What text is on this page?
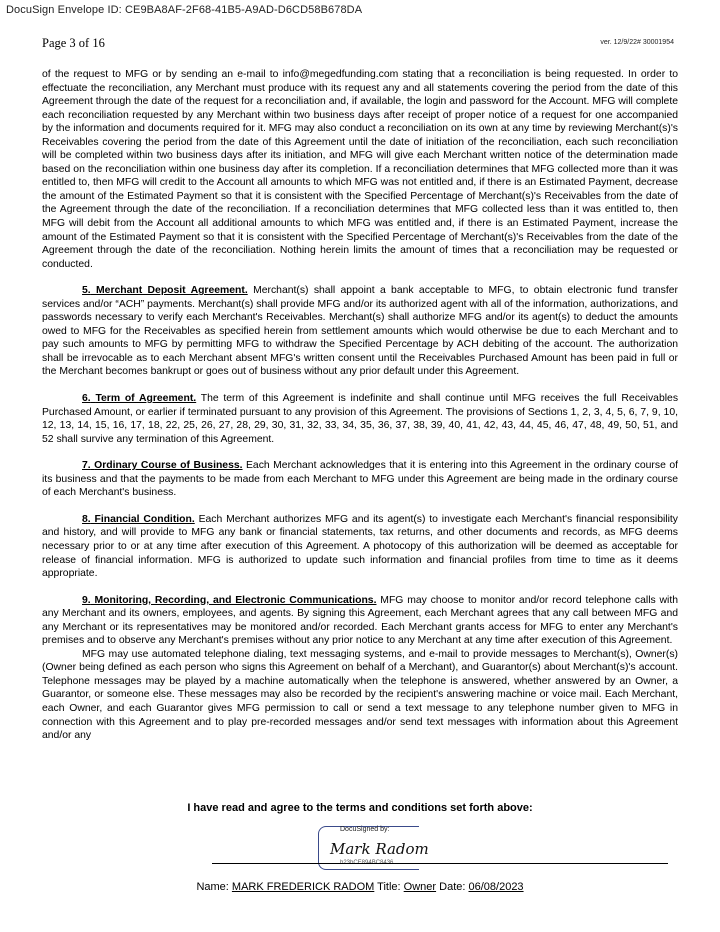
DocuSign Envelope ID: CE9BA8AF-2F68-41B5-A9AD-D6CD58B678DA
Page 3 of 16	ver. 12/9/22# 30001954

of the request to MFG or by sending an e-mail to info@megedfunding.com stating that a reconciliation is being requested. In order to effectuate the reconciliation, any Merchant must produce with its request any and all statements covering the period from the date of this Agreement through the date of the request for a reconciliation and, if available, the login and password for the Account. MFG will complete each reconciliation requested by any Merchant within two business days after receipt of proper notice of a request for one accompanied by the information and documents required for it. MFG may also conduct a reconciliation on its own at any time by reviewing Merchant(s)'s Receivables covering the period from the date of this Agreement until the date of initiation of the reconciliation, each such reconciliation will be completed within two business days after its initiation, and MFG will give each Merchant written notice of the determination made based on the reconciliation within one business day after its completion. If a reconciliation determines that MFG collected more than it was entitled to, then MFG will credit to the Account all amounts to which MFG was not entitled and, if there is an Estimated Payment, decrease the amount of the Estimated Payment so that it is consistent with the Specified Percentage of Merchant(s)'s Receivables from the date of the Agreement through the date of the reconciliation. If a reconciliation determines that MFG collected less than it was entitled to, then MFG will debit from the Account all additional amounts to which MFG was entitled and, if there is an Estimated Payment, increase the amount of the Estimated Payment so that it is consistent with the Specified Percentage of Merchant(s)'s Receivables from the date of the Agreement through the date of the reconciliation. Nothing herein limits the amount of times that a reconciliation may be requested or conducted.

5. Merchant Deposit Agreement. Merchant(s) shall appoint a bank acceptable to MFG, to obtain electronic fund transfer services and/or “ACH” payments. Merchant(s) shall provide MFG and/or its authorized agent with all of the information, authorizations, and passwords necessary to verify each Merchant's Receivables. Merchant(s) shall authorize MFG and/or its agent(s) to deduct the amounts owed to MFG for the Receivables as specified herein from settlement amounts which would otherwise be due to each Merchant and to pay such amounts to MFG by permitting MFG to withdraw the Specified Percentage by ACH debiting of the account. The authorization shall be irrevocable as to each Merchant absent MFG's written consent until the Receivables Purchased Amount has been paid in full or the Merchant becomes bankrupt or goes out of business without any prior default under this Agreement.

6. Term of Agreement. The term of this Agreement is indefinite and shall continue until MFG receives the full Receivables Purchased Amount, or earlier if terminated pursuant to any provision of this Agreement. The provisions of Sections 1, 2, 3, 4, 5, 6, 7, 9, 10, 12, 13, 14, 15, 16, 17, 18, 22, 25, 26, 27, 28, 29, 30, 31, 32, 33, 34, 35, 36, 37, 38, 39, 40, 41, 42, 43, 44, 45, 46, 47, 48, 49, 50, 51, and 52 shall survive any termination of this Agreement.

7. Ordinary Course of Business. Each Merchant acknowledges that it is entering into this Agreement in the ordinary course of its business and that the payments to be made from each Merchant to MFG under this Agreement are being made in the ordinary course of each Merchant's business.

8. Financial Condition. Each Merchant authorizes MFG and its agent(s) to investigate each Merchant's financial responsibility and history, and will provide to MFG any bank or financial statements, tax returns, and other documents and records, as MFG deems necessary prior to or at any time after execution of this Agreement. A photocopy of this authorization will be deemed as acceptable for release of financial information. MFG is authorized to update such information and financial profiles from time to time as it deems appropriate.

9. Monitoring, Recording, and Electronic Communications. MFG may choose to monitor and/or record telephone calls with any Merchant and its owners, employees, and agents. By signing this Agreement, each Merchant agrees that any call between MFG and any Merchant or its representatives may be monitored and/or recorded. Each Merchant grants access for MFG to enter any Merchant's premises and to observe any Merchant's premises without any prior notice to any Merchant at any time after execution of this Agreement.

MFG may use automated telephone dialing, text messaging systems, and e-mail to provide messages to Merchant(s), Owner(s) (Owner being defined as each person who signs this Agreement on behalf of a Merchant), and Guarantor(s) about Merchant(s)'s account. Telephone messages may be played by a machine automatically when the telephone is answered, whether answered by an Owner, a Guarantor, or someone else. These messages may also be recorded by the recipient's answering machine or voice mail. Each Merchant, each Owner, and each Guarantor gives MFG permission to call or send a text message to any telephone number given to MFG in connection with this Agreement and to play pre-recorded messages and/or send text messages with information about this Agreement and/or any

I have read and agree to the terms and conditions set forth above:
DocuSigned by:
Mark Radom
b23bCE894BC8436...
Name: MARK FREDERICK RADOM Title: Owner Date: 06/08/2023
